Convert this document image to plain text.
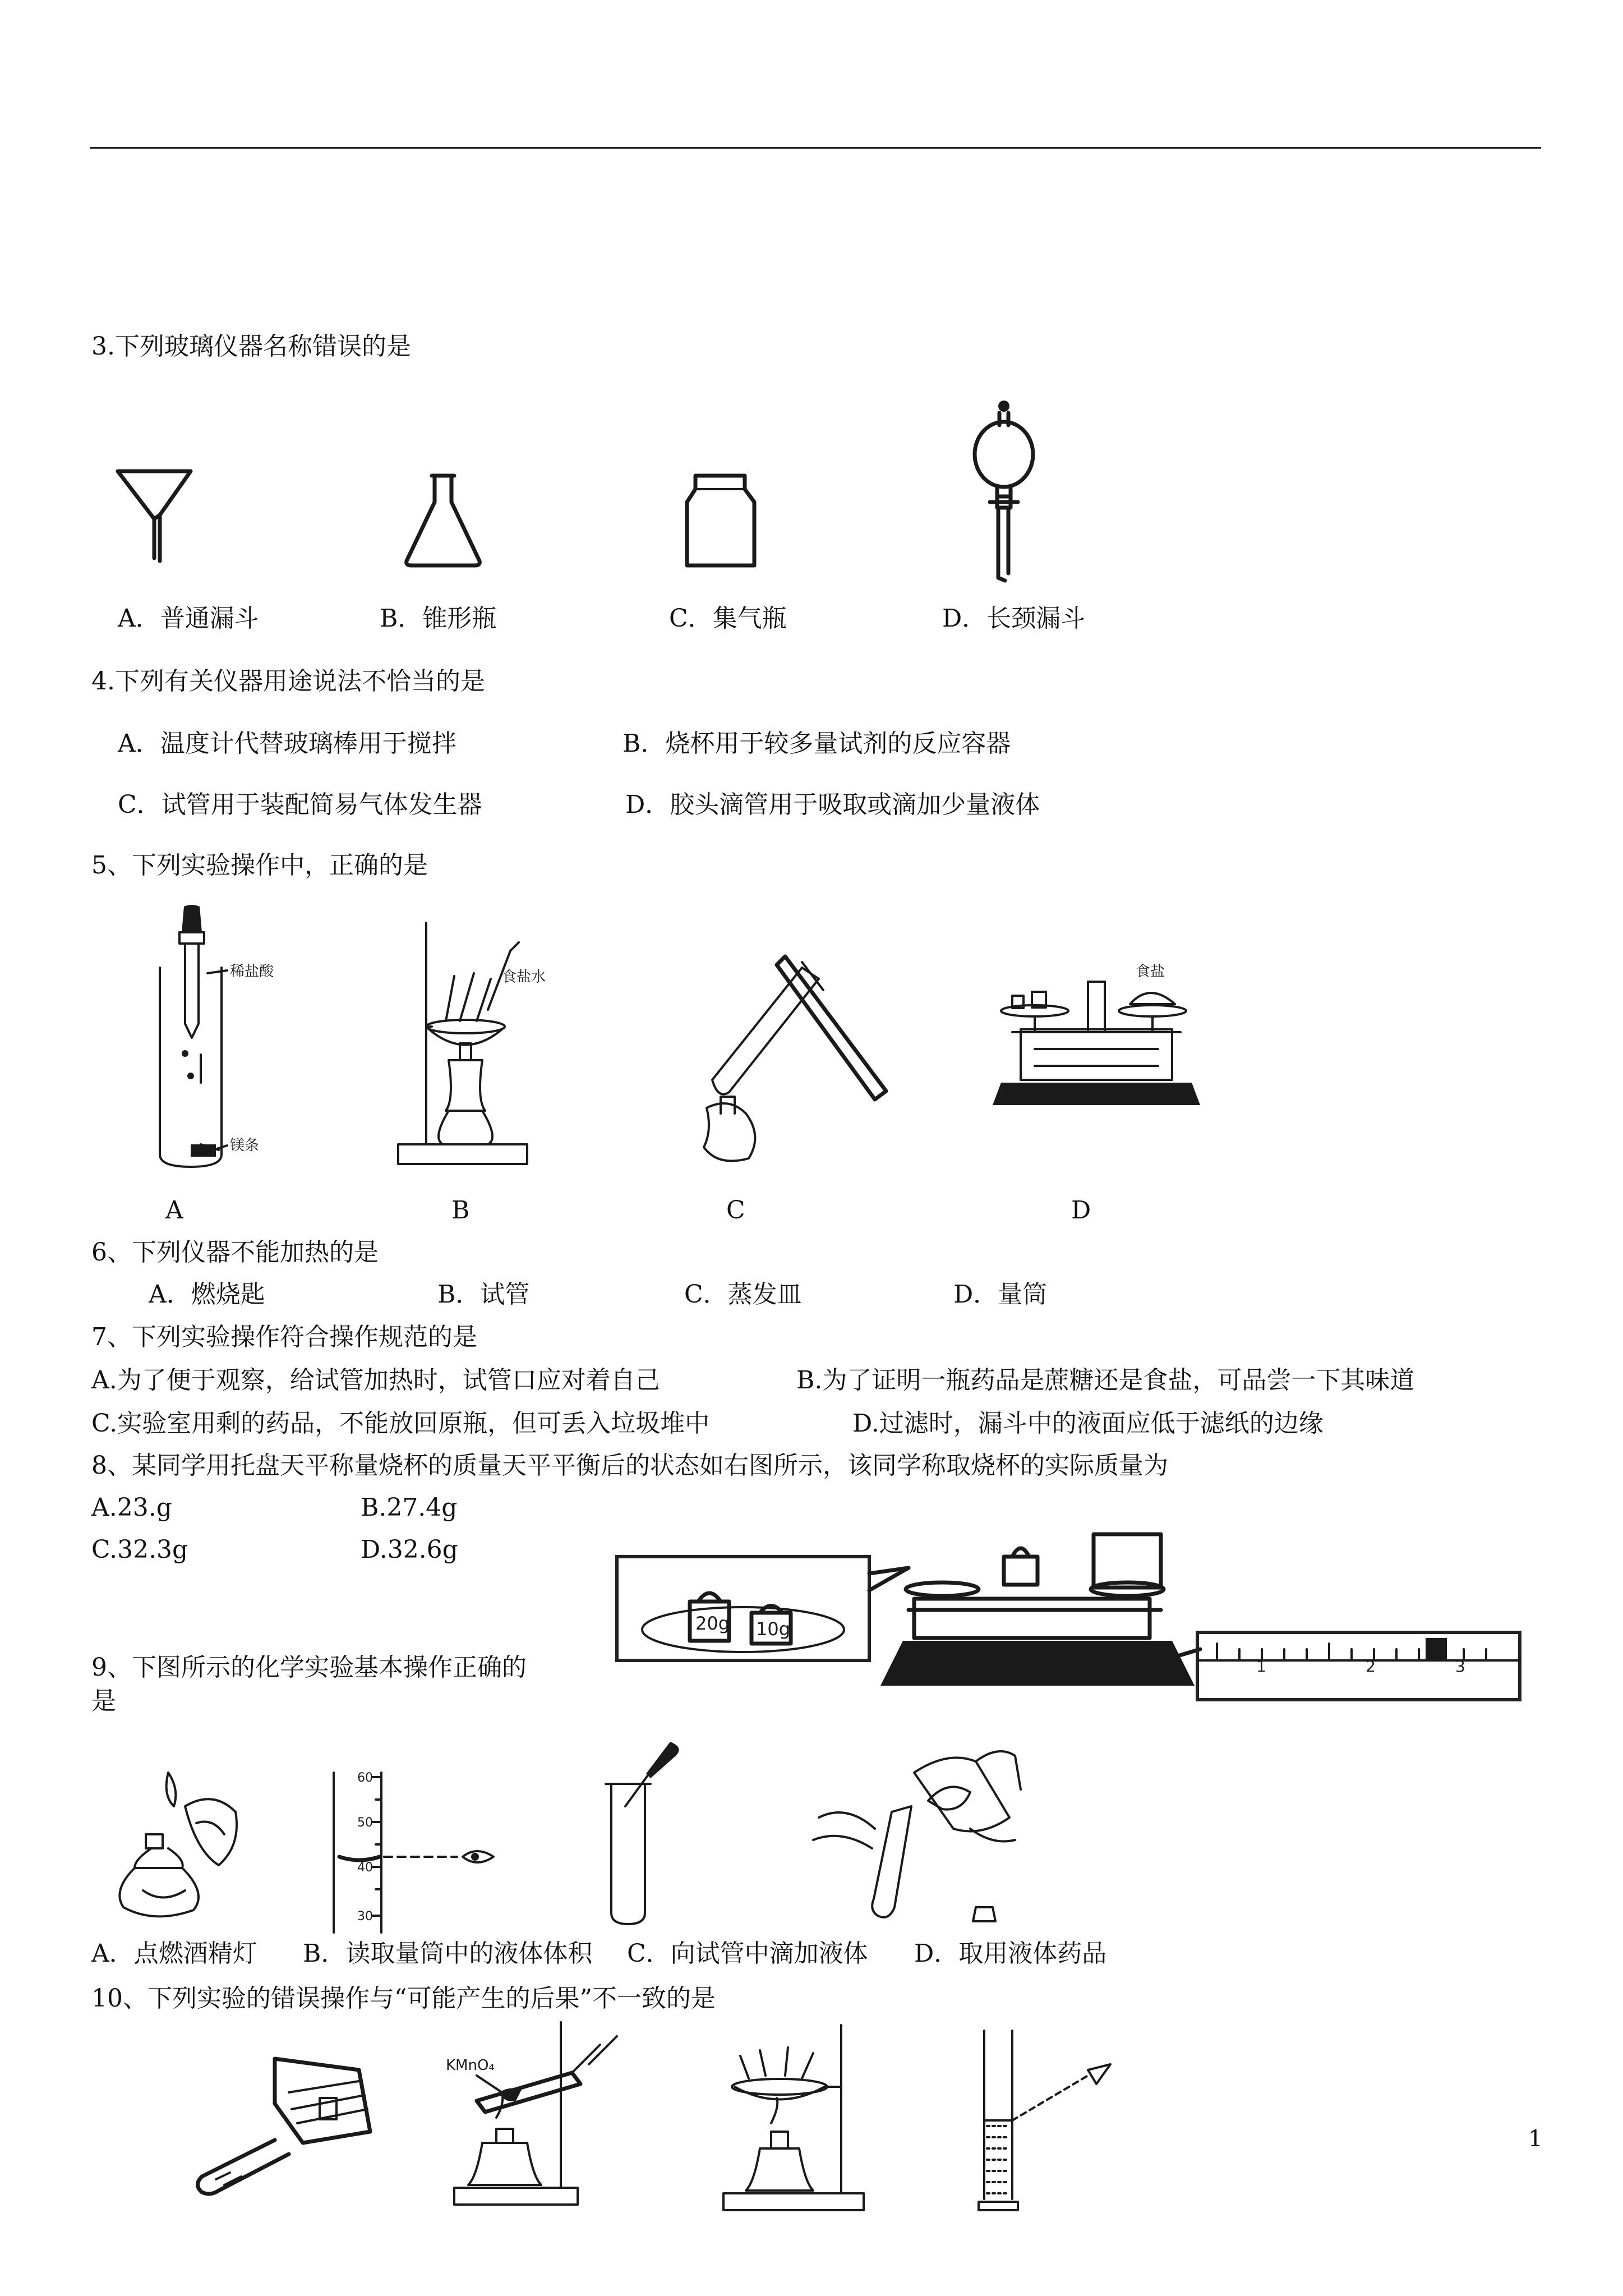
3.下列玻璃仪器名称错误的是
A．普通漏斗	B．锥形瓶	C．集气瓶	D．长颈漏斗
4.下列有关仪器用途说法不恰当的是
A．温度计代替玻璃棒用于搅拌	B．烧杯用于较多量试剂的反应容器
C．试管用于装配简易气体发生器	D．胶头滴管用于吸取或滴加少量液体
5、下列实验操作中，正确的是
稀盐酸
镁条
食盐水	食盐
A	B	C	D
6、下列仪器不能加热的是
A．燃烧匙	B．试管	C．蒸发皿	D．量筒
7、下列实验操作符合操作规范的是
A.为了便于观察，给试管加热时，试管口应对着自己	B.为了证明一瓶药品是蔗糖还是食盐，可品尝一下其味道
C.实验室用剩的药品，不能放回原瓶，但可丢入垃圾堆中	D.过滤时，漏斗中的液面应低于滤纸的边缘
8、某同学用托盘天平称量烧杯的质量天平平衡后的状态如右图所示，该同学称取烧杯的实际质量为
A.23.g	B.27.4g
C.32.3g	D.32.6g
20g 10g
1	2	3
9、下图所示的化学实验基本操作正确的
是
60
50
40
30
A．点燃酒精灯 B．读取量筒中的液体体积 C．向试管中滴加液体 D．取用液体药品
10、下列实验的错误操作与“可能产生的后果”不一致的是
KMnO₄
1
